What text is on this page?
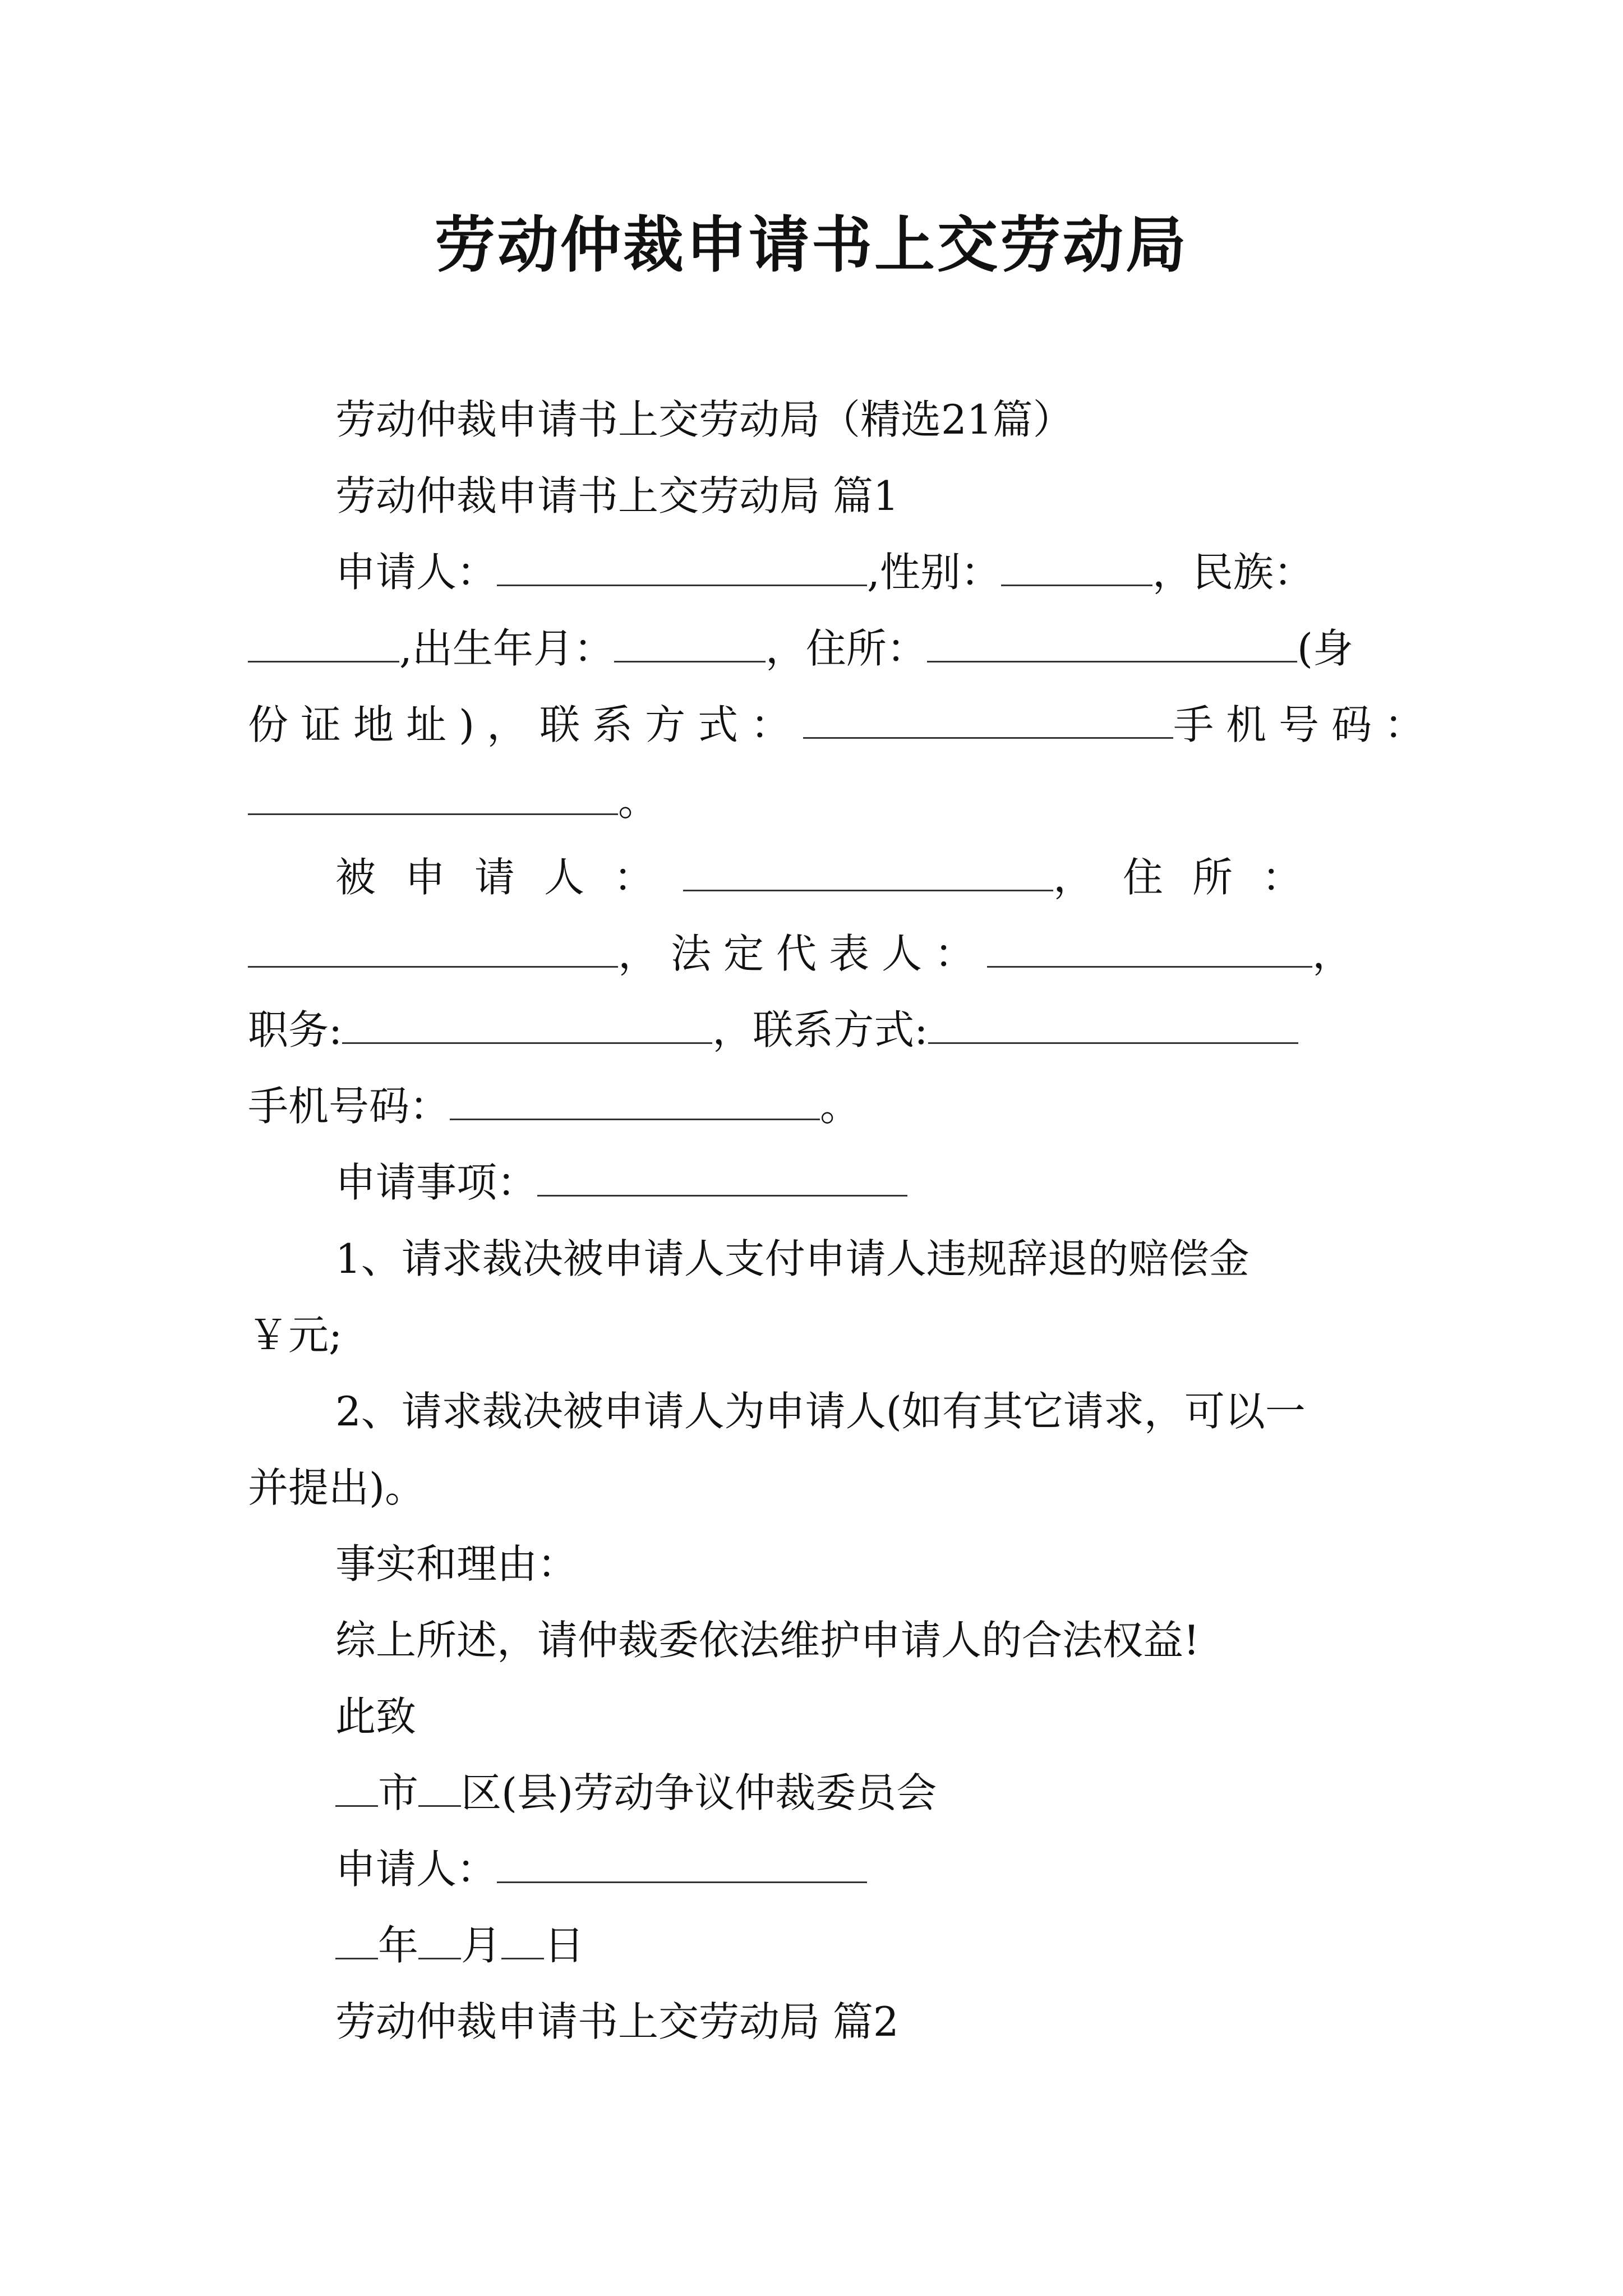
劳动仲裁申请书上交劳动局

劳动仲裁申请书上交劳动局（精选21篇）

劳动仲裁申请书上交劳动局 篇1

申请人：	,性别：	，民族：

,出生年月：	，住所：	(身

份证地址)，联系方式：	手机号码：

。

被申请人：	，住所：

，法定代表人：	，

职务:	，联系方式:

手机号码：	。

申请事项：

1、请求裁决被申请人支付申请人违规辞退的赔偿金

￥元;

2、请求裁决被申请人为申请人(如有其它请求，可以一

并提出)。

事实和理由：

综上所述，请仲裁委依法维护申请人的合法权益!

此致

市 区(县)劳动争议仲裁委员会

申请人：

年 月 日

劳动仲裁申请书上交劳动局 篇2
